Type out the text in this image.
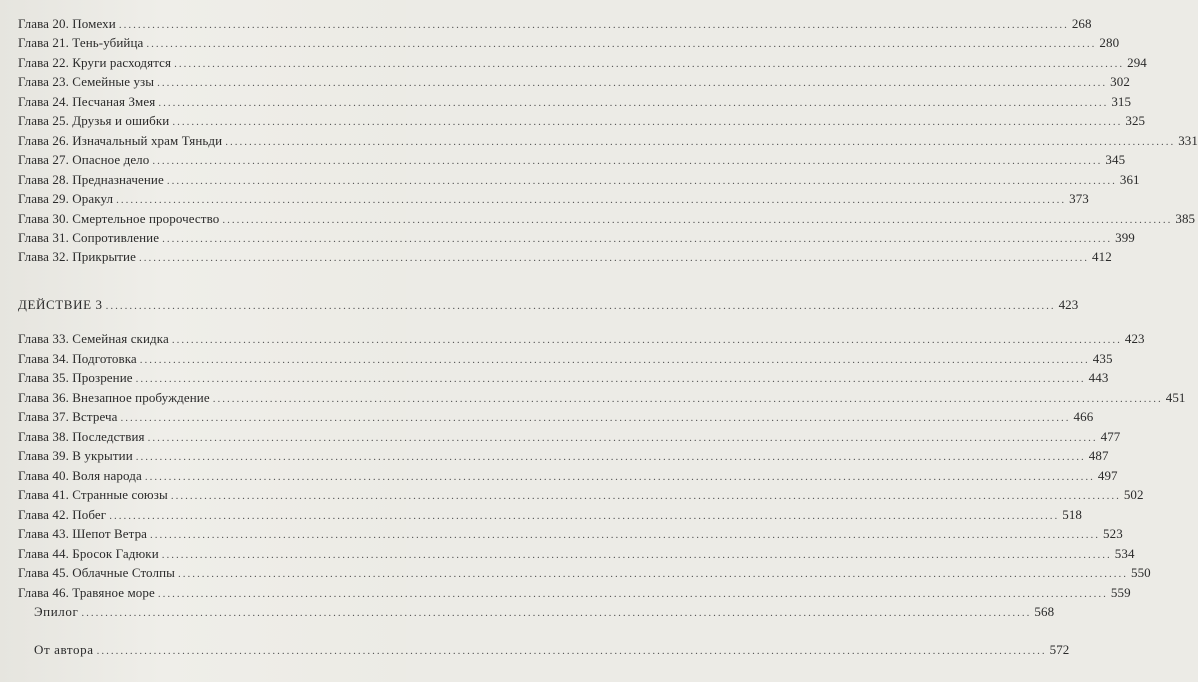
Глава 20. Помехи ........................................................................................................................................................................................................ 268
Глава 21. Тень-убийца ........................................................................................................................................................................................................ 280
Глава 22. Круги расходятся ........................................................................................................................................................................................................ 294
Глава 23. Семейные узы ........................................................................................................................................................................................................ 302
Глава 24. Песчаная Змея ........................................................................................................................................................................................................ 315
Глава 25. Друзья и ошибки ........................................................................................................................................................................................................ 325
Глава 26. Изначальный храм Тяньди ........................................................................................................................................................................................................ 331
Глава 27. Опасное дело ........................................................................................................................................................................................................ 345
Глава 28. Предназначение ........................................................................................................................................................................................................ 361
Глава 29. Оракул ........................................................................................................................................................................................................ 373
Глава 30. Смертельное пророчество ........................................................................................................................................................................................................ 385
Глава 31. Сопротивление ........................................................................................................................................................................................................ 399
Глава 32. Прикрытие ........................................................................................................................................................................................................ 412
ДЕЙСТВИЕ 3 ........................................................................................................................................................................................................ 423
Глава 33. Семейная скидка ........................................................................................................................................................................................................ 423
Глава 34. Подготовка ........................................................................................................................................................................................................ 435
Глава 35. Прозрение ........................................................................................................................................................................................................ 443
Глава 36. Внезапное пробуждение ........................................................................................................................................................................................................ 451
Глава 37. Встреча ........................................................................................................................................................................................................ 466
Глава 38. Последствия ........................................................................................................................................................................................................ 477
Глава 39. В укрытии ........................................................................................................................................................................................................ 487
Глава 40. Воля народа ........................................................................................................................................................................................................ 497
Глава 41. Странные союзы ........................................................................................................................................................................................................ 502
Глава 42. Побег ........................................................................................................................................................................................................ 518
Глава 43. Шепот Ветра ........................................................................................................................................................................................................ 523
Глава 44. Бросок Гадюки ........................................................................................................................................................................................................ 534
Глава 45. Облачные Столпы ........................................................................................................................................................................................................ 550
Глава 46. Травяное море ........................................................................................................................................................................................................ 559
Эпилог ........................................................................................................................................................................................................ 568
От автора ........................................................................................................................................................................................................ 572
